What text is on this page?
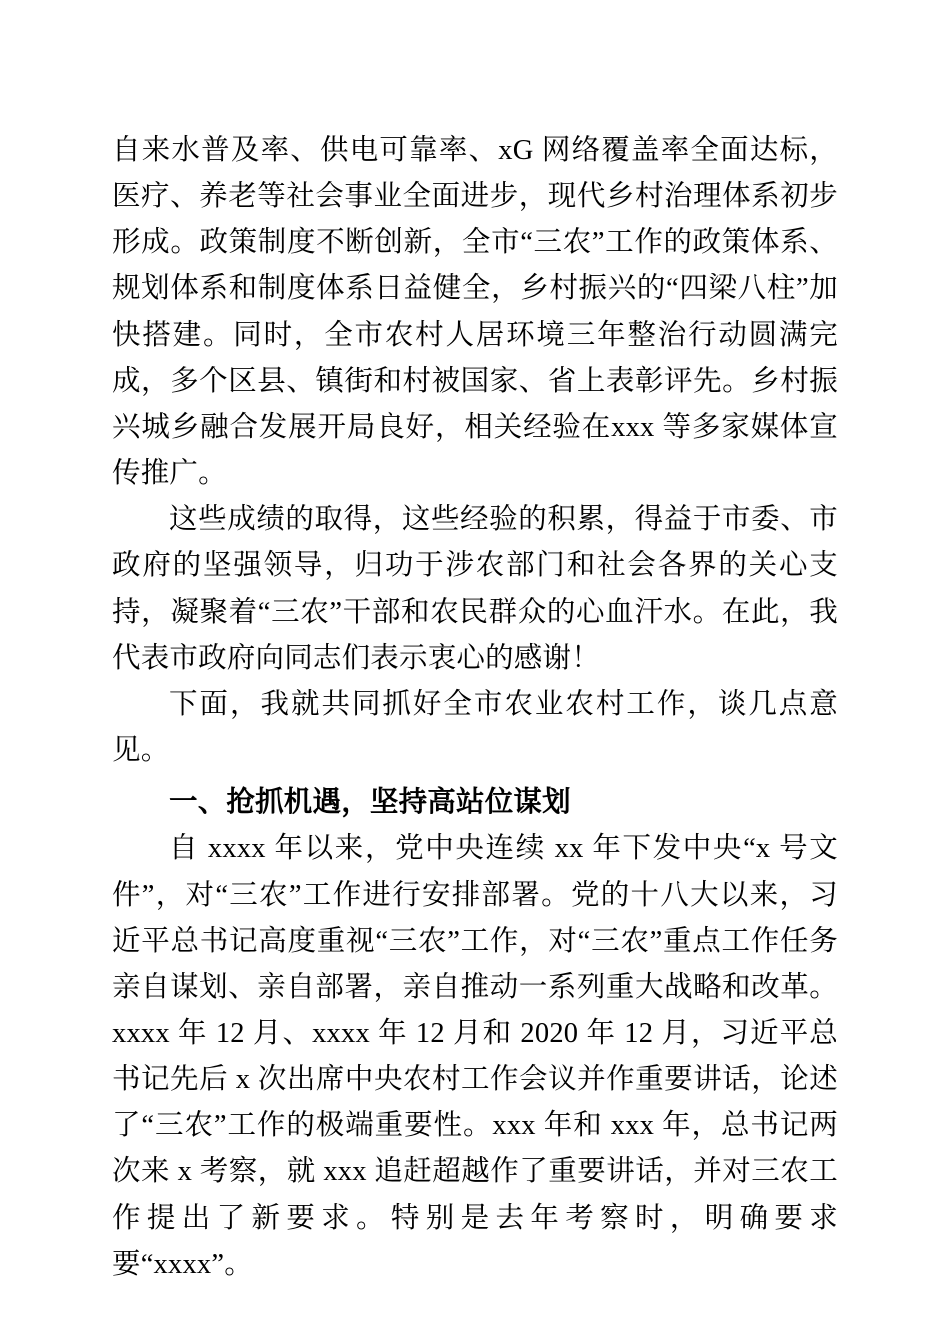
自来水普及率、供电可靠率、xG 网络覆盖率全面达标，医疗、养老等社会事业全面进步，现代乡村治理体系初步形成。政策制度不断创新，全市“三农”工作的政策体系、规划体系和制度体系日益健全，乡村振兴的“四梁八柱”加快搭建。同时，全市农村人居环境三年整治行动圆满完成，多个区县、镇街和村被国家、省上表彰评先。乡村振兴城乡融合发展开局良好，相关经验在xxx 等多家媒体宣传推广。

这些成绩的取得，这些经验的积累，得益于市委、市政府的坚强领导，归功于涉农部门和社会各界的关心支持，凝聚着“三农”干部和农民群众的心血汗水。在此，我代表市政府向同志们表示衷心的感谢！

下面，我就共同抓好全市农业农村工作，谈几点意见。

一、抢抓机遇，坚持高站位谋划

自 xxxx 年以来，党中央连续 xx 年下发中央“x 号文件”，对“三农”工作进行安排部署。党的十八大以来，习近平总书记高度重视“三农”工作，对“三农”重点工作任务亲自谋划、亲自部署，亲自推动一系列重大战略和改革。xxxx 年 12 月、xxxx 年 12 月和 2020 年 12 月，习近平总书记先后 x 次出席中央农村工作会议并作重要讲话，论述了“三农”工作的极端重要性。xxx 年和 xxx 年，总书记两次来 x 考察，就 xxx 追赶超越作了重要讲话，并对三农工作提出了新要求。特别是去年考察时，明确要求要“xxxx”。
